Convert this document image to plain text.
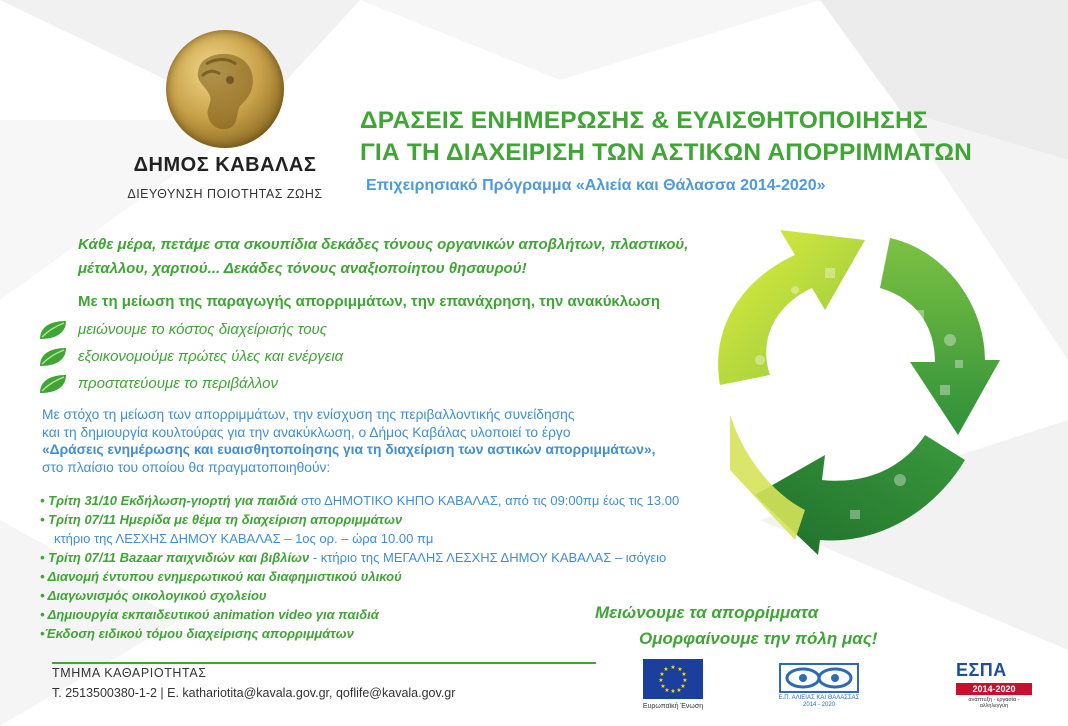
ΔΗΜΟΣ ΚΑΒΑΛΑΣ
ΔΙΕΥΘΥΝΣΗ ΠΟΙΟΤΗΤΑΣ ΖΩΗΣ
ΔΡΑΣΕΙΣ ΕΝΗΜΕΡΩΣΗΣ & ΕΥΑΙΣΘΗΤΟΠΟΙΗΣΗΣ
ΓΙΑ ΤΗ ΔΙΑΧΕΙΡΙΣΗ ΤΩΝ ΑΣΤΙΚΩΝ ΑΠΟΡΡΙΜΜΑΤΩΝ
Επιχειρησιακό Πρόγραμμα «Αλιεία και Θάλασσα 2014-2020»
Κάθε μέρα, πετάμε στα σκουπίδια δεκάδες τόνους οργανικών αποβλήτων, πλαστικού,
μέταλλου, χαρτιού... Δεκάδες τόνους αναξιοποίητου θησαυρού!
Με τη μείωση της παραγωγής απορριμμάτων, την επανάχρηση, την ανακύκλωση
μειώνουμε το κόστος διαχείρισής τους
εξοικονομούμε πρώτες ύλες και ενέργεια
προστατεύουμε το περιβάλλον
Με στόχο τη μείωση των απορριμμάτων, την ενίσχυση της περιβαλλοντικής συνείδησης
και τη δημιουργία κουλτούρας για την ανακύκλωση, ο Δήμος Καβάλας υλοποιεί το έργο
«Δράσεις ενημέρωσης και ευαισθητοποίησης για τη διαχείριση των αστικών απορριμμάτων»,
στο πλαίσιο του οποίου θα πραγματοποιηθούν:
• Τρίτη 31/10 Εκδήλωση-γιορτή για παιδιά στο ΔΗΜΟΤΙΚΟ ΚΗΠΟ ΚΑΒΑΛΑΣ, από τις 09:00πμ έως τις 13.00
• Τρίτη 07/11 Ημερίδα με θέμα τη διαχείριση απορριμμάτων
κτήριο της ΛΕΣΧΗΣ ΔΗΜΟΥ ΚΑΒΑΛΑΣ – 1ος ορ. – ώρα 10.00 πμ
• Τρίτη 07/11 Bazaar παιχνιδιών και βιβλίων - κτήριο της ΜΕΓΑΛΗΣ ΛΕΣΧΗΣ ΔΗΜΟΥ ΚΑΒΑΛΑΣ – ισόγειο
• Διανομή έντυπου ενημερωτικού και διαφημιστικού υλικού
• Διαγωνισμός οικολογικού σχολείου
• Δημιουργία εκπαιδευτικού animation video για παιδιά
•Έκδοση ειδικού τόμου διαχείρισης απορριμμάτων
Μειώνουμε τα απορρίμματα
Ομορφαίνουμε την πόλη μας!
ΤΜΗΜΑ ΚΑΘΑΡΙΟΤΗΤΑΣ
Τ. 2513500380-1-2 | E. kathariotita@kavala.gov.gr, qoflife@kavala.gov.gr
★ ★
★
★
★
★
★
★
★
★
★
★
Ευρωπαϊκή Ένωση
Ε.Π. ΑΛΙΕΙΑΣ ΚΑΙ ΘΑΛΑΣΣΑΣ
2014 - 2020
ΕΣΠΑ
2014-2020
ανάπτυξη - εργασία - αλληλεγγύη
